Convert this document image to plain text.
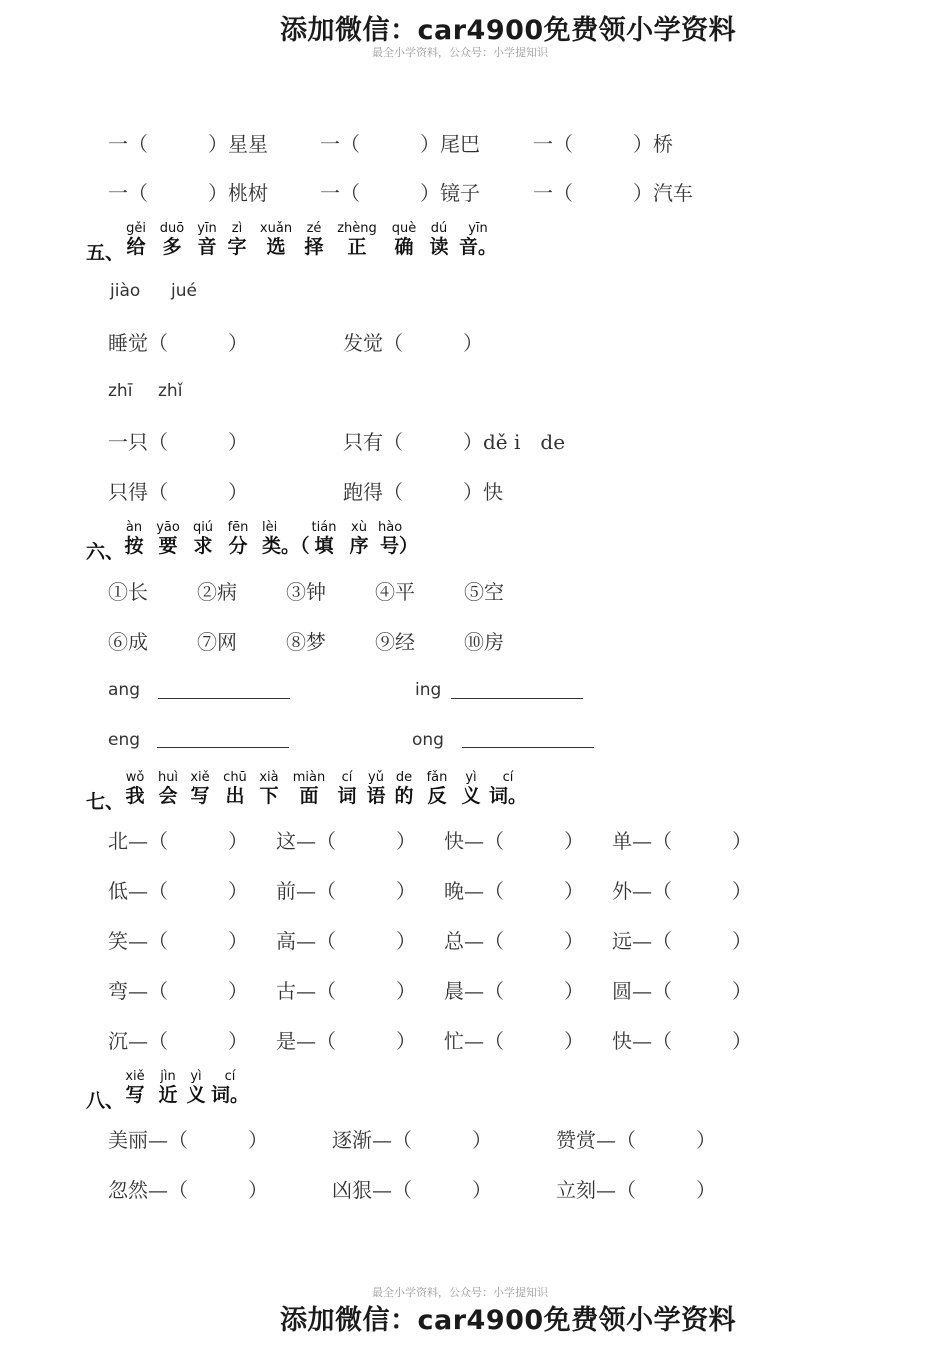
添加微信：car4900免费领小学资料
最全小学资料，公众号：小学提知识
一（　　　）星星	一（　　　）尾巴	一（　　　）桥
一（　　　）桃树	一（　　　）镜子	一（　　　）汽车
五、
gěi
给
duō
多
yīn
音
zì
字
xuǎn
选
zé
择
zhèng
正
què
确
dú
读
yīn
音。
jiào jué
睡觉（　　　）	发觉（　　　）
zhī zhǐ
一只（　　　）	只有（　　　）dě i　de
只得（　　　）	跑得（　　　）快
六、
àn
按
yāo
要
qiú
求
fēn
分
lèi
类。（
tián
填
xù
序
hào
号）
①长 ②病 ③钟 ④平 ⑤空
⑥成 ⑦网 ⑧梦 ⑨经 ⑩房
ang	ing
eng	ong
七、
wǒ
我
huì
会
xiě
写
chū
出
xià
下
miàn
面
cí
词
yǔ
语
de
的
fǎn
反
yì
义
cí
词。
北—（　　　） 这—（　　　） 快—（　　　） 单—（　　　）
低—（　　　） 前—（　　　） 晚—（　　　） 外—（　　　）
笑—（　　　） 高—（　　　） 总—（　　　） 远—（　　　）
弯—（　　　） 古—（　　　） 晨—（　　　） 圆—（　　　）
沉—（　　　） 是—（　　　） 忙—（　　　） 快—（　　　）
八、
xiě
写
jìn
近
yì
义
cí
词。
美丽—（　　　）	逐渐—（　　　）	赞赏—（　　　）
忽然—（　　　）	凶狠—（　　　）	立刻—（　　　）
最全小学资料，公众号：小学提知识
添加微信：car4900免费领小学资料
